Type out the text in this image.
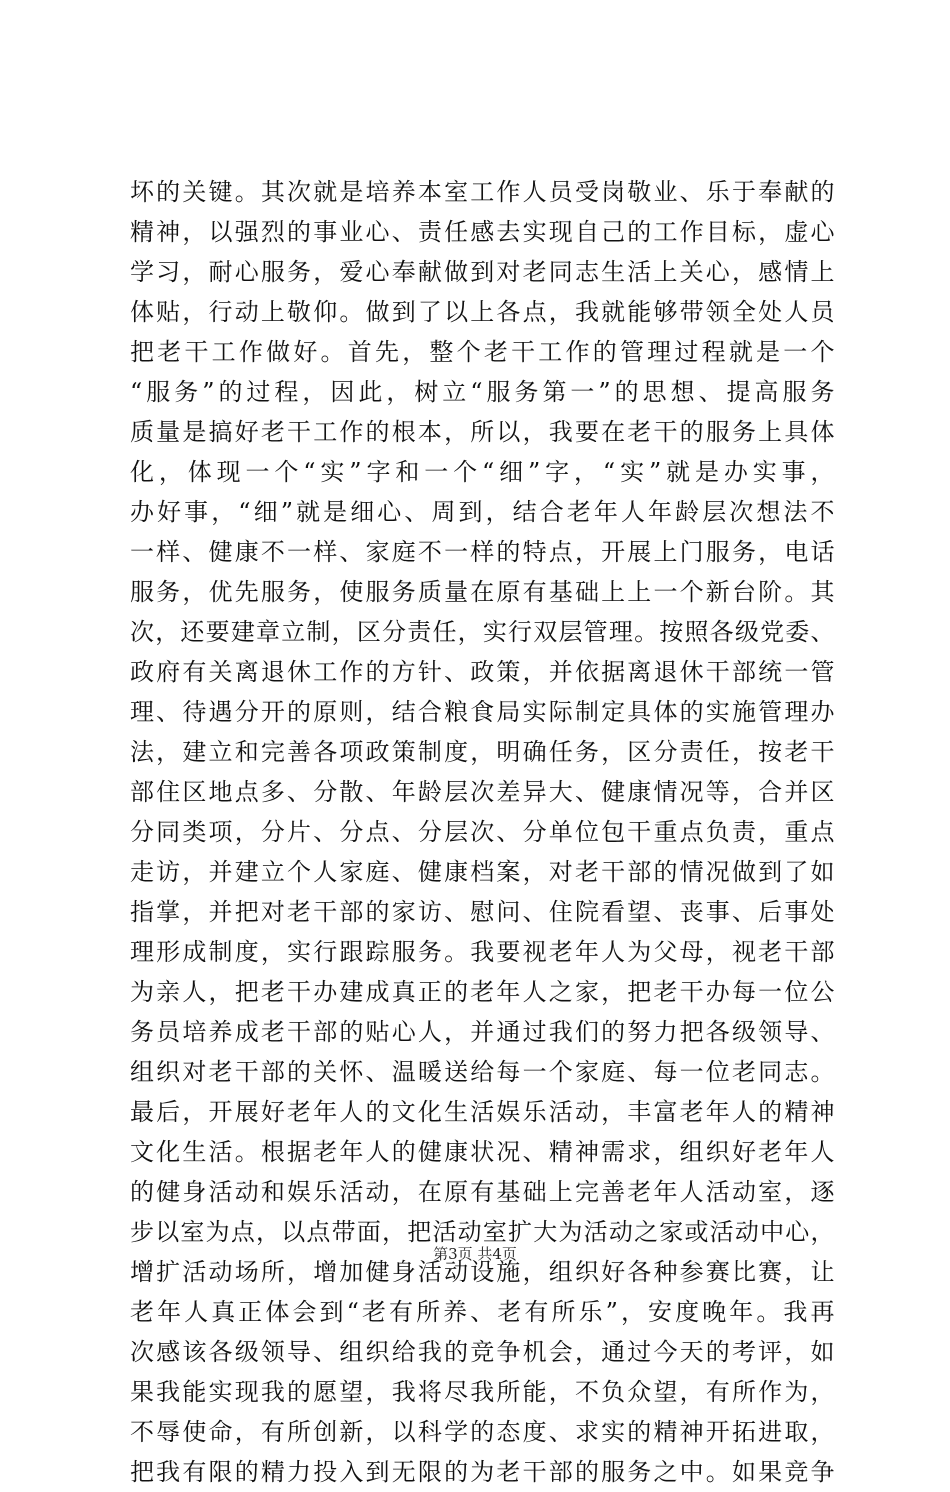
坏的关键。其次就是培养本室工作人员受岗敬业、乐于奉献的
精神，以强烈的事业心、责任感去实现自己的工作目标，虚心
学习，耐心服务，爱心奉献做到对老同志生活上关心，感情上
体贴，行动上敬仰。做到了以上各点，我就能够带领全处人员
把老干工作做好。首先，整个老干工作的管理过程就是一个
“服务”的过程，因此，树立“服务第一”的思想、提高服务
质量是搞好老干工作的根本，所以，我要在老干的服务上具体
化，体现一个“实”字和一个“细”字，“实”就是办实事，
办好事，“细”就是细心、周到，结合老年人年龄层次想法不
一样、健康不一样、家庭不一样的特点，开展上门服务，电话
服务，优先服务，使服务质量在原有基础上上一个新台阶。其
次，还要建章立制，区分责任，实行双层管理。按照各级党委、
政府有关离退休工作的方针、政策，并依据离退休干部统一管
理、待遇分开的原则，结合粮食局实际制定具体的实施管理办
法，建立和完善各项政策制度，明确任务，区分责任，按老干
部住区地点多、分散、年龄层次差异大、健康情况等，合并区
分同类项，分片、分点、分层次、分单位包干重点负责，重点
走访，并建立个人家庭、健康档案，对老干部的情况做到了如
指掌，并把对老干部的家访、慰问、住院看望、丧事、后事处
理形成制度，实行跟踪服务。我要视老年人为父母，视老干部
为亲人，把老干办建成真正的老年人之家，把老干办每一位公
务员培养成老干部的贴心人，并通过我们的努力把各级领导、
组织对老干部的关怀、温暖送给每一个家庭、每一位老同志。
最后，开展好老年人的文化生活娱乐活动，丰富老年人的精神
文化生活。根据老年人的健康状况、精神需求，组织好老年人
的健身活动和娱乐活动，在原有基础上完善老年人活动室，逐
步以室为点，以点带面，把活动室扩大为活动之家或活动中心，
增扩活动场所，增加健身活动设施，组织好各种参赛比赛，让
老年人真正体会到“老有所养、老有所乐”，安度晚年。我再
次感该各级领导、组织给我的竞争机会，通过今天的考评，如
果我能实现我的愿望，我将尽我所能，不负众望，有所作为，
不辱使命，有所创新，以科学的态度、求实的精神开拓进取，
把我有限的精力投入到无限的为老干部的服务之中。如果竞争
第3页 共4页
